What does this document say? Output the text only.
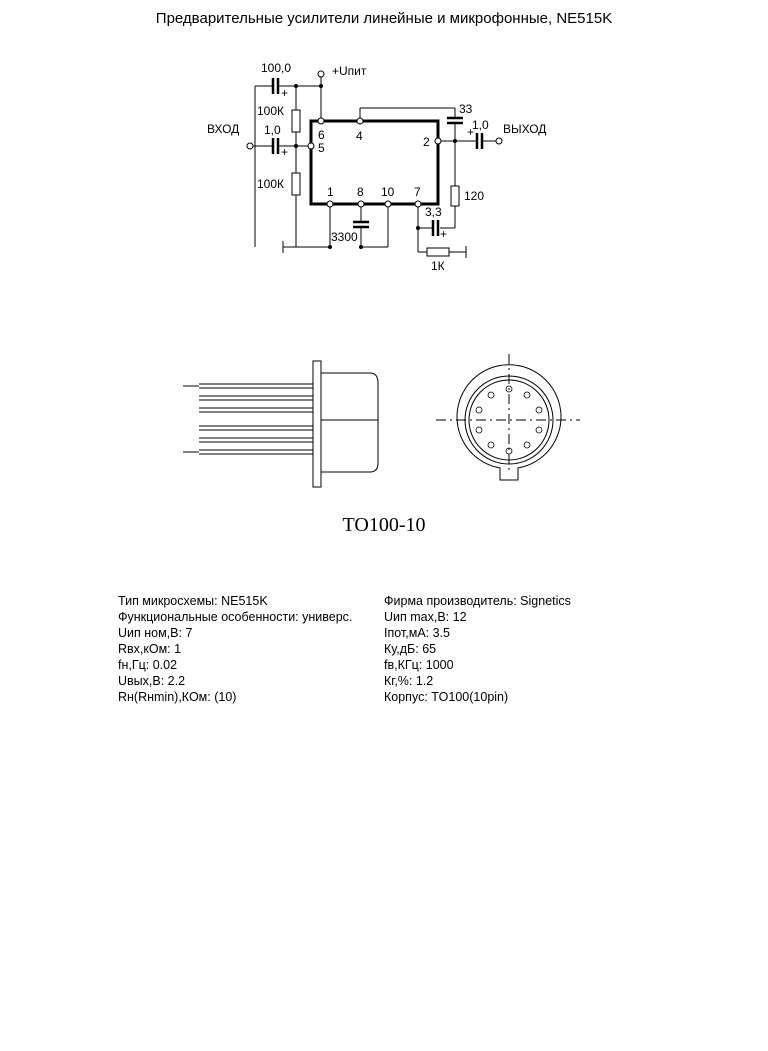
Предварительные усилители линейные и микрофонные, NE515K
100,0
+
+Uпит
100К
ВХОД 1,0
+
6
5
4	2
100К
1 8 10 7
33
1,0
+ ВЫХОД
120
3,3
+
3300
1К
ТО100-10
Тип микросхемы: NE515K
Функциональные особенности: универс.
Uип ном,В: 7
Rвх,кОм: 1
fн,Гц: 0.02
Uвых,В: 2.2
Rн(Rнmin),КОм: (10)
Фирма производитель: Signetics
Uип max,В: 12
Iпот,мА: 3.5
Ку,дБ: 65
fв,КГц: 1000
Кг,%: 1.2
Корпус: TO100(10pin)
